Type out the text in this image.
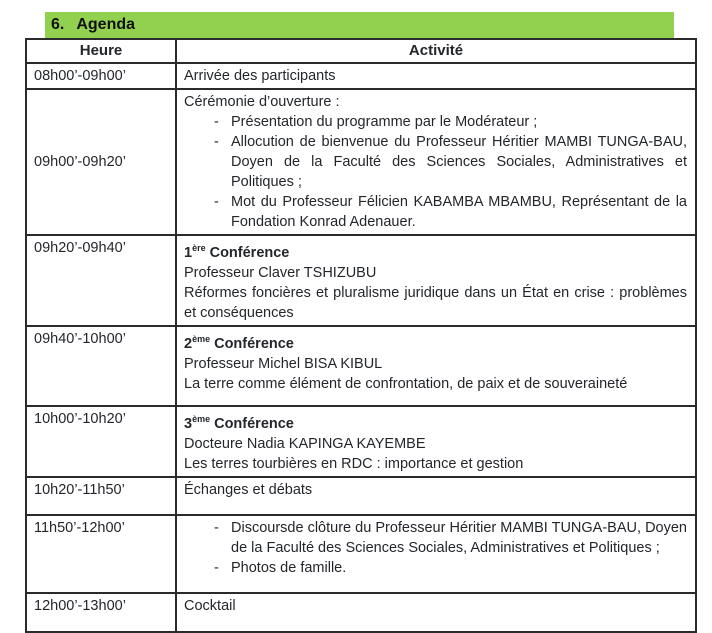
6. Agenda
Heure	Activité
08h00’-09h00’	Arrivée des participants

09h00’-09h20’	Cérémonie d’ouverture :

- Présentation du programme par le Modérateur ;

- Allocution de bienvenue du Professeur Héritier MAMBI TUNGA-BAU, Doyen de la Faculté des Sciences Sociales, Administratives et Politiques ;

- Mot du Professeur Félicien KABAMBA MBAMBU, Représentant de la Fondation Konrad Adenauer.

09h20’-09h40’	1ère Conférence

Professeur Claver TSHIZUBU

Réformes foncières et pluralisme juridique dans un État en crise : problèmes et conséquences

09h40’-10h00’	2ème Conférence

Professeur Michel BISA KIBUL

La terre comme élément de confrontation, de paix et de souveraineté

10h00’-10h20’	3ème Conférence

Docteure Nadia KAPINGA KAYEMBE

Les terres tourbières en RDC : importance et gestion

10h20’-11h50’	Échanges et débats

11h50’-12h00’	- Discoursde clôture du Professeur Héritier MAMBI TUNGA-BAU, Doyen de la Faculté des Sciences Sociales, Administratives et Politiques ;

- Photos de famille.

12h00’-13h00’	Cocktail
